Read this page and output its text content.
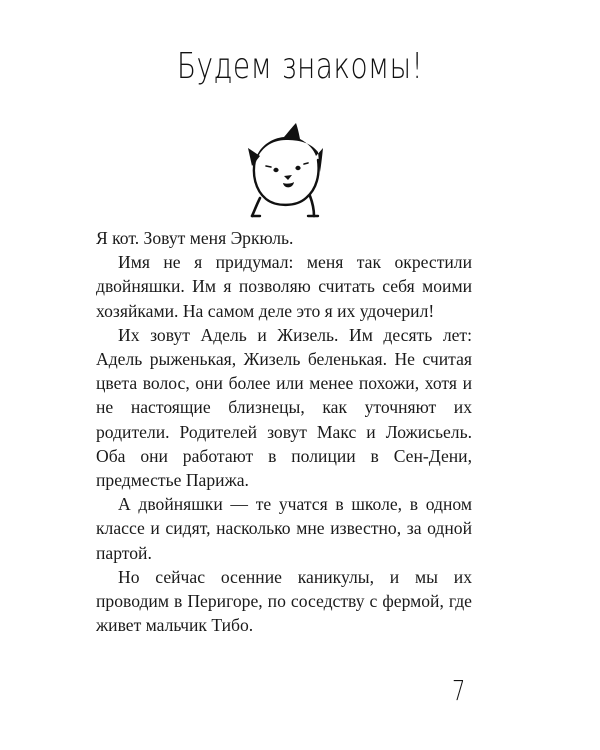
Будем знакомы!

Я кот. Зовут меня Эркюль.

Имя не я придумал: меня так окрестили двойняшки. Им я позволяю считать себя моими хозяйками. На самом деле это я их удочерил!

Их зовут Адель и Жизель. Им десять лет: Адель рыженькая, Жизель беленькая. Не считая цвета волос, они более или менее похожи, хотя и не настоящие близнецы, как уточняют их родители. Родителей зовут Макс и Ложисьель. Оба они работают в полиции в Сен-Дени, предместье Парижа.

А двойняшки — те учатся в школе, в одном классе и сидят, насколько мне известно, за одной партой.

Но сейчас осенние каникулы, и мы их проводим в Перигоре, по соседству с фермой, где живет мальчик Тибо.

7
